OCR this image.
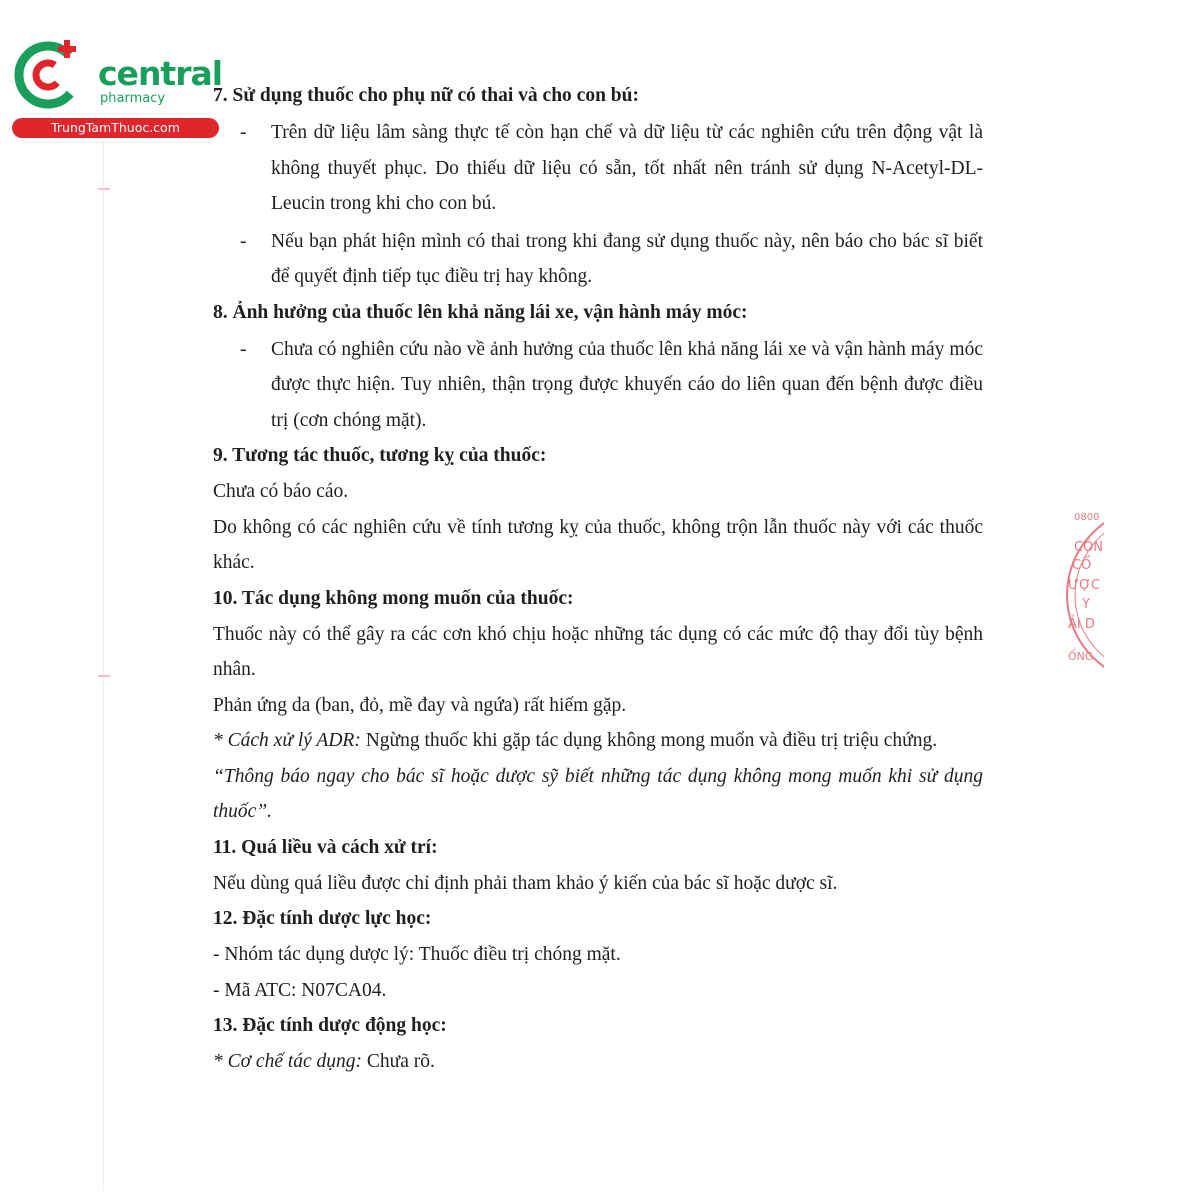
central
pharmacy
TrungTamThuoc.com
7. Sử dụng thuốc cho phụ nữ có thai và cho con bú:
- Trên dữ liệu lâm sàng thực tế còn hạn chế và dữ liệu từ các nghiên cứu trên động vật là không thuyết phục. Do thiếu dữ liệu có sẵn, tốt nhất nên tránh sử dụng N-Acetyl-DL-Leucin trong khi cho con bú.
- Nếu bạn phát hiện mình có thai trong khi đang sử dụng thuốc này, nên báo cho bác sĩ biết để quyết định tiếp tục điều trị hay không.
8. Ảnh hưởng của thuốc lên khả năng lái xe, vận hành máy móc:
- Chưa có nghiên cứu nào về ảnh hưởng của thuốc lên khả năng lái xe và vận hành máy móc được thực hiện. Tuy nhiên, thận trọng được khuyến cáo do liên quan đến bệnh được điều trị (cơn chóng mặt).
9. Tương tác thuốc, tương kỵ của thuốc:
Chưa có báo cáo.
Do không có các nghiên cứu về tính tương kỵ của thuốc, không trộn lẫn thuốc này với các thuốc khác.
10. Tác dụng không mong muốn của thuốc:
Thuốc này có thể gây ra các cơn khó chịu hoặc những tác dụng có các mức độ thay đổi tùy bệnh nhân.
Phản ứng da (ban, đỏ, mề đay và ngứa) rất hiếm gặp.
* Cách xử lý ADR: Ngừng thuốc khi gặp tác dụng không mong muốn và điều trị triệu chứng.
“Thông báo ngay cho bác sĩ hoặc dược sỹ biết những tác dụng không mong muốn khi sử dụng thuốc”.
11. Quá liều và cách xử trí:
Nếu dùng quá liều được chỉ định phải tham khảo ý kiến của bác sĩ hoặc dược sĩ.
12. Đặc tính dược lực học:
- Nhóm tác dụng dược lý: Thuốc điều trị chóng mặt.
- Mã ATC: N07CA04.
13. Đặc tính dược động học:
* Cơ chế tác dụng: Chưa rõ.
0800
CÔN
CỔ
ƯỢC
Y
ẢI D
ỐNG
